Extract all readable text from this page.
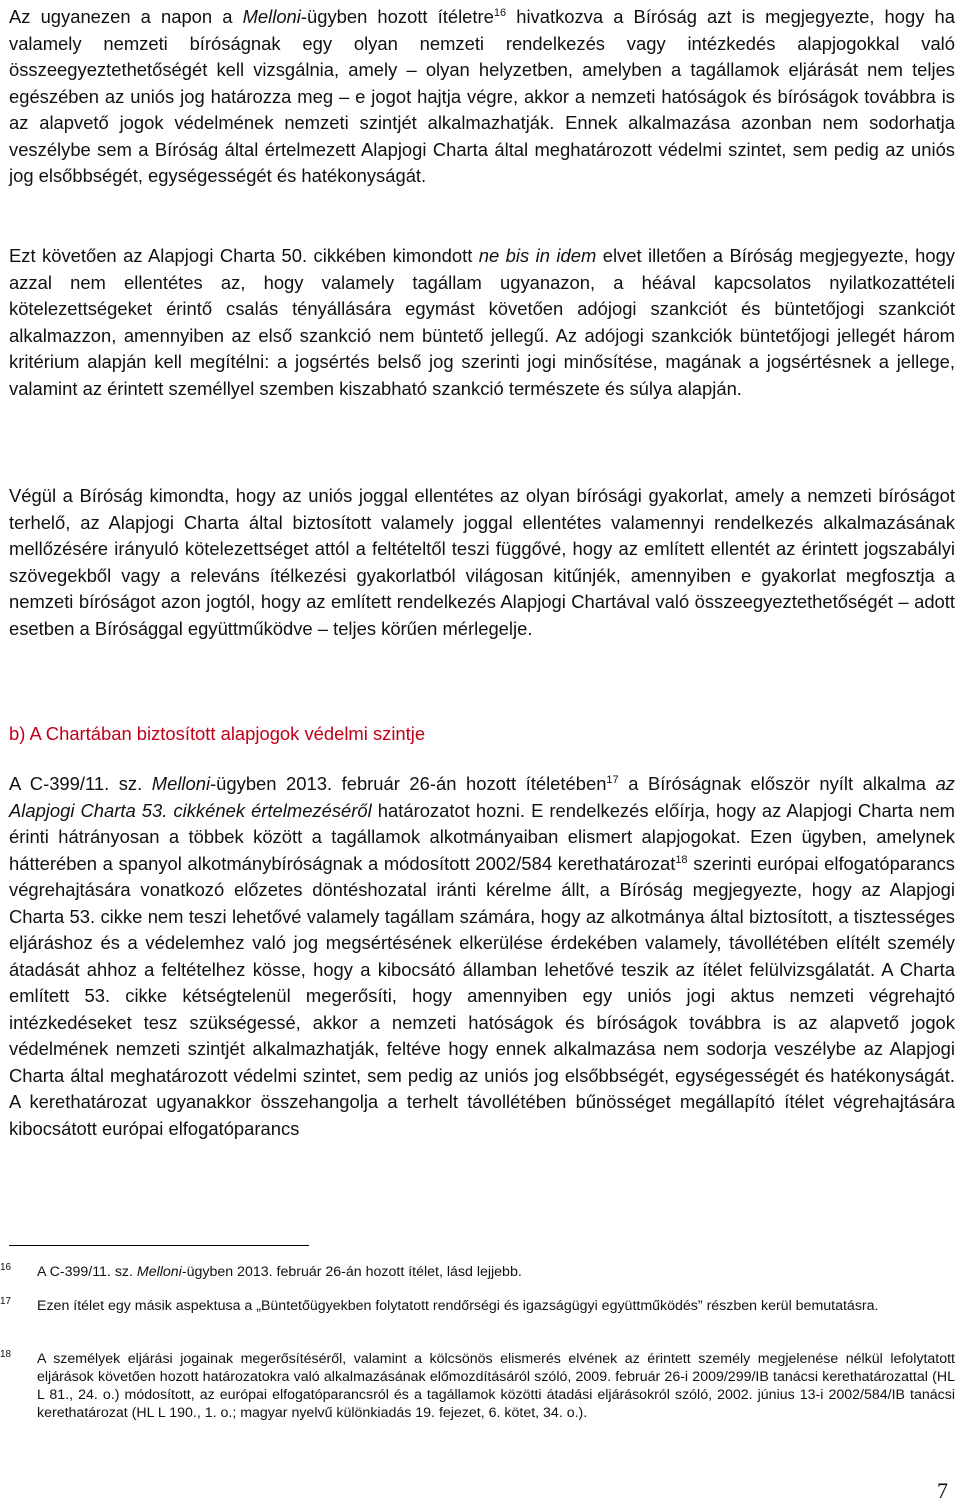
Az ugyanezen a napon a Melloni-ügyben hozott ítéletre$^{16}$ hivatkozva a Bíróság azt is megjegyezte, hogy ha valamely nemzeti bíróságnak egy olyan nemzeti rendelkezés vagy intézkedés alapjogokkal való összeegyeztethetőségét kell vizsgálnia, amely – olyan helyzetben, amelyben a tagállamok eljárását nem teljes egészében az uniós jog határozza meg – e jogot hajtja végre, akkor a nemzeti hatóságok és bíróságok továbbra is az alapvető jogok védelmének nemzeti szintjét alkalmazhatják. Ennek alkalmazása azonban nem sodorhatja veszélybe sem a Bíróság által értelmezett Alapjogi Charta által meghatározott védelmi szintet, sem pedig az uniós jog elsőbbségét, egységességét és hatékonyságát.

Ezt követően az Alapjogi Charta 50. cikkében kimondott ne bis in idem elvet illetően a Bíróság megjegyezte, hogy azzal nem ellentétes az, hogy valamely tagállam ugyanazon, a héával kapcsolatos nyilatkozattételi kötelezettségeket érintő csalás tényállására egymást követően adójogi szankciót és büntetőjogi szankciót alkalmazzon, amennyiben az első szankció nem büntető jellegű. Az adójogi szankciók büntetőjogi jellegét három kritérium alapján kell megítélni: a jogsértés belső jog szerinti jogi minősítése, magának a jogsértésnek a jellege, valamint az érintett személlyel szemben kiszabható szankció természete és súlya alapján.

Végül a Bíróság kimondta, hogy az uniós joggal ellentétes az olyan bírósági gyakorlat, amely a nemzeti bíróságot terhelő, az Alapjogi Charta által biztosított valamely joggal ellentétes valamennyi rendelkezés alkalmazásának mellőzésére irányuló kötelezettséget attól a feltételtől teszi függővé, hogy az említett ellentét az érintett jogszabályi szövegekből vagy a releváns ítélkezési gyakorlatból világosan kitűnjék, amennyiben e gyakorlat megfosztja a nemzeti bíróságot azon jogtól, hogy az említett rendelkezés Alapjogi Chartával való összeegyeztethetőségét – adott esetben a Bírósággal együttműködve – teljes körűen mérlegelje.

b) A Chartában biztosított alapjogok védelmi szintje

A C-399/11. sz. Melloni-ügyben 2013. február 26-án hozott ítéletében$^{17}$ a Bíróságnak először nyílt alkalma az Alapjogi Charta 53. cikkének értelmezéséről határozatot hozni. E rendelkezés előírja, hogy az Alapjogi Charta nem érinti hátrányosan a többek között a tagállamok alkotmányaiban elismert alapjogokat. Ezen ügyben, amelynek hátterében a spanyol alkotmánybíróságnak a módosított 2002/584 kerethatározat$^{18}$ szerinti európai elfogatóparancs végrehajtására vonatkozó előzetes döntéshozatal iránti kérelme állt, a Bíróság megjegyezte, hogy az Alapjogi Charta 53. cikke nem teszi lehetővé valamely tagállam számára, hogy az alkotmánya által biztosított, a tisztességes eljáráshoz és a védelemhez való jog megsértésének elkerülése érdekében valamely, távollétében elítélt személy átadását ahhoz a feltételhez kösse, hogy a kibocsátó államban lehetővé teszik az ítélet felülvizsgálatát. A Charta említett 53. cikke kétségtelenül megerősíti, hogy amennyiben egy uniós jogi aktus nemzeti végrehajtó intézkedéseket tesz szükségessé, akkor a nemzeti hatóságok és bíróságok továbbra is az alapvető jogok védelmének nemzeti szintjét alkalmazhatják, feltéve hogy ennek alkalmazása nem sodorja veszélybe az Alapjogi Charta által meghatározott védelmi szintet, sem pedig az uniós jog elsőbbségét, egységességét és hatékonyságát. A kerethatározat ugyanakkor összehangolja a terhelt távollétében bűnösséget megállapító ítélet végrehajtására kibocsátott európai elfogatóparancs

16	A C-399/11. sz. Melloni-ügyben 2013. február 26-án hozott ítélet, lásd lejjebb.
17	Ezen ítélet egy másik aspektusa a „Büntetőügyekben folytatott rendőrségi és igazságügyi együttműködés” részben kerül bemutatásra.
18	A személyek eljárási jogainak megerősítéséről, valamint a kölcsönös elismerés elvének az érintett személy megjelenése nélkül lefolytatott eljárások követően hozott határozatokra való alkalmazásának előmozdításáról szóló, 2009. február 26-i 2009/299/IB tanácsi kerethatározattal (HL L 81., 24. o.) módosított, az európai elfogatóparancsról és a tagállamok közötti átadási eljárásokról szóló, 2002. június 13-i 2002/584/IB tanácsi kerethatározat (HL L 190., 1. o.; magyar nyelvű különkiadás 19. fejezet, 6. kötet, 34. o.).
7
